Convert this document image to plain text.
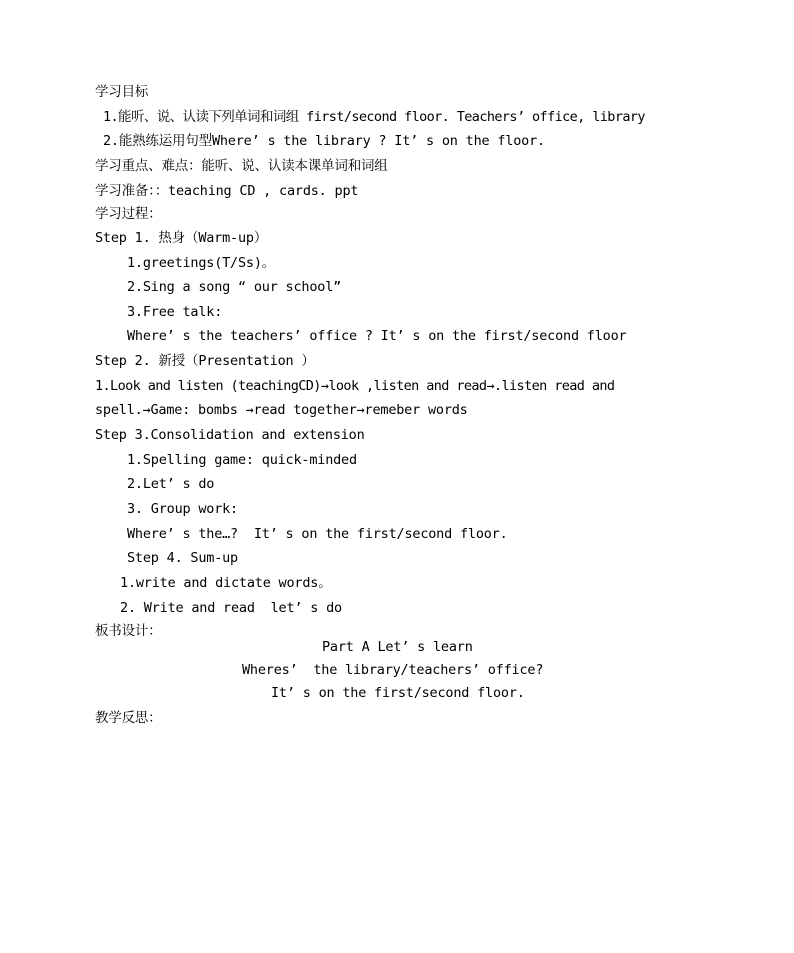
学习目标
1.能听、说、认读下列单词和词组 first/second floor. Teachers’ office, library
2.能熟练运用句型Where’ s the library ? It’ s on the floor.
学习重点、难点：能听、说、认读本课单词和词组
学习准备：：teaching CD , cards. ppt
学习过程：
Step 1. 热身（Warm-up）
1.greetings(T/Ss)。
2.Sing a song “ our school”
3.Free talk:
Where’ s the teachers’ office ? It’ s on the first/second floor
Step 2. 新授（Presentation ）
1.Look and listen (teachingCD)→look ,listen and read→.listen read and
spell.→Game: bombs →read together→remeber words
Step 3.Consolidation and extension
1.Spelling game: quick-minded
2.Let’ s do
3. Group work:
Where’ s the…?  It’ s on the first/second floor.
Step 4. Sum-up
1.write and dictate words。
2. Write and read  let’ s do
板书设计：
Part A Let’ s learn
Wheres’  the library/teachers’ office?
It’ s on the first/second floor.
教学反思：
